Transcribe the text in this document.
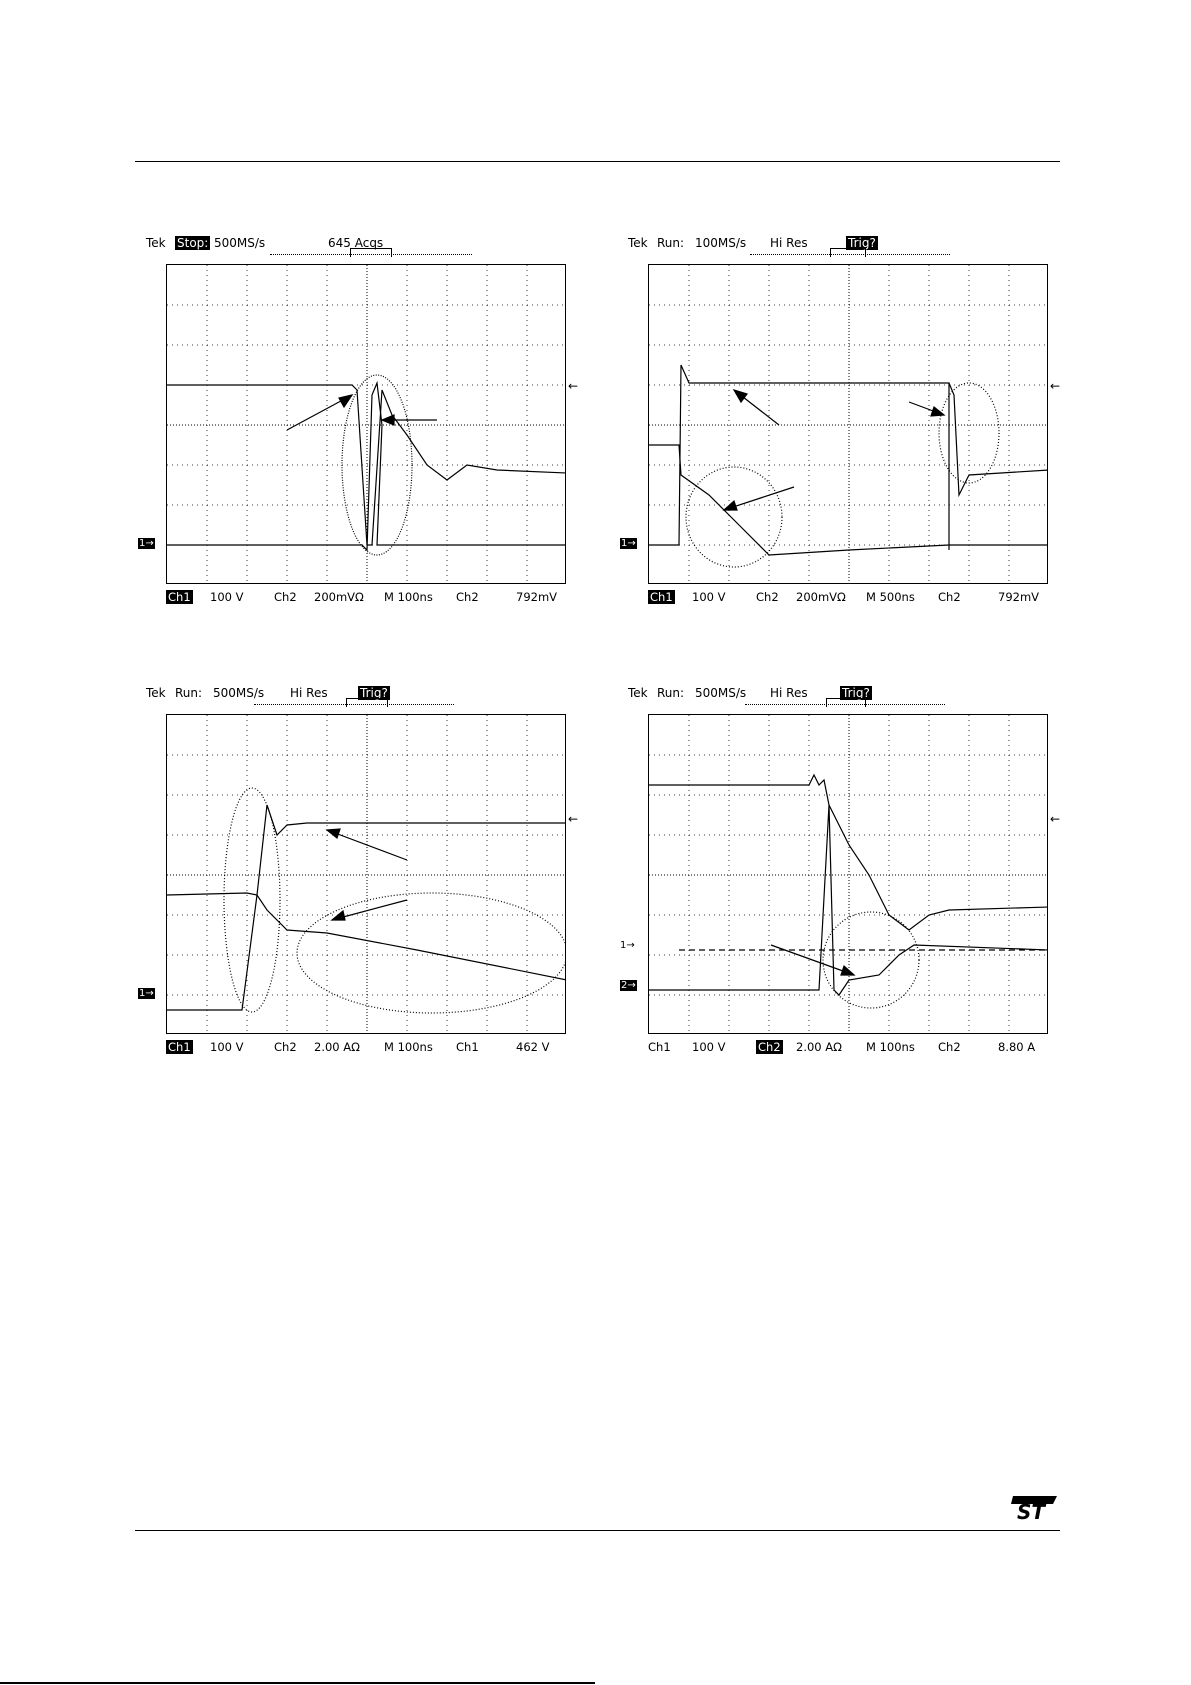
Tek Stop: 500MS/s	645 Acqs
1→
←
Ch1 100 V	Ch2 200mVΩ M 100ns Ch2	792mV
Tek Run: 100MS/s Hi Res	Trig?
1→
←
Ch1 100 V	Ch2 200mVΩ M 500ns Ch2	792mV
Tek Run: 500MS/s Hi Res	Trig?
1→
←
Ch1 100 V	Ch2 2.00 AΩ M 100ns Ch1	462 V
Tek Run: 500MS/s Hi Res	Trig?
1→
2→
←
Ch1 100 V	Ch2 2.00 AΩ M 100ns Ch2	8.80 A
ST
